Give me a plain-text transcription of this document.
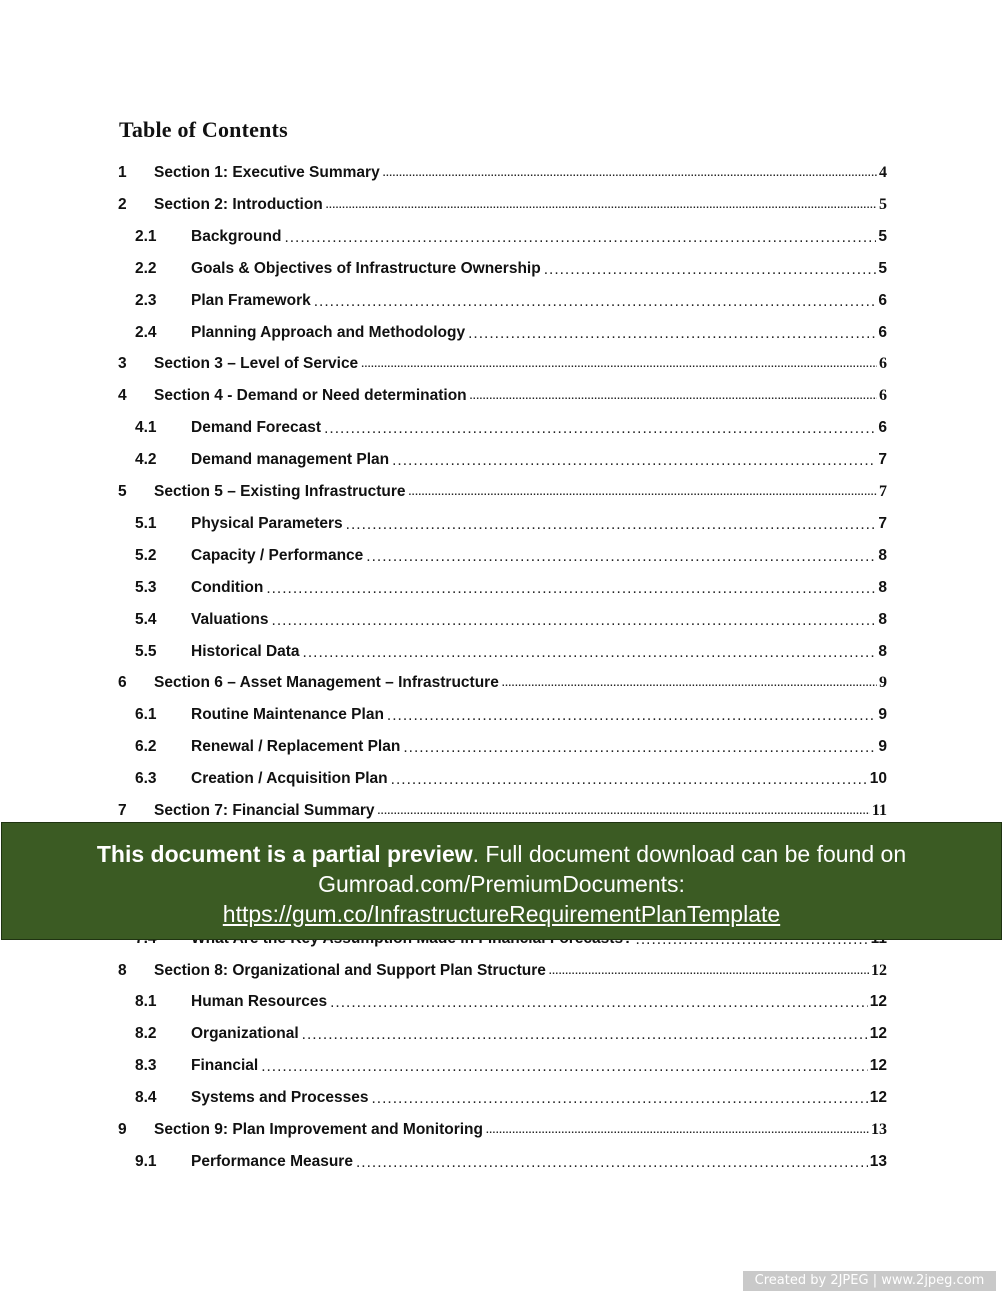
Table of Contents
1	Section 1: Executive Summary .....	4
2	Section 2: Introduction .....	5
2.1	Background .....	5
2.2	Goals & Objectives of Infrastructure Ownership .....	5
2.3	Plan Framework .....	6
2.4	Planning Approach and Methodology .....	6
3	Section 3 – Level of Service .....	6
4	Section 4 - Demand or Need determination .....	6
4.1	Demand Forecast .....	6
4.2	Demand management Plan .....	7
5	Section 5 – Existing Infrastructure .....	7
5.1	Physical Parameters .....	7
5.2	Capacity / Performance .....	8
5.3	Condition .....	8
5.4	Valuations .....	8
5.5	Historical Data .....	8
6	Section 6 – Asset Management – Infrastructure .....	9
6.1	Routine Maintenance Plan .....	9
6.2	Renewal / Replacement Plan .....	9
6.3	Creation / Acquisition Plan .....	10
7	Section 7: Financial Summary .....	11
.....
.....
.....
.....
8	Section 8: Organizational and Support Plan Structure .....	12
8.1	Human Resources .....	12
8.2	Organizational .....	12
8.3	Financial .....	12
8.4	Systems and Processes .....	12
9	Section 9: Plan Improvement and Monitoring .....	13
9.1	Performance Measure .....	13
This document is a partial preview. Full document download can be found on
Gumroad.com/PremiumDocuments:
https://gum.co/InfrastructureRequirementPlanTemplate
Created by 2JPEG | www.2jpeg.com
